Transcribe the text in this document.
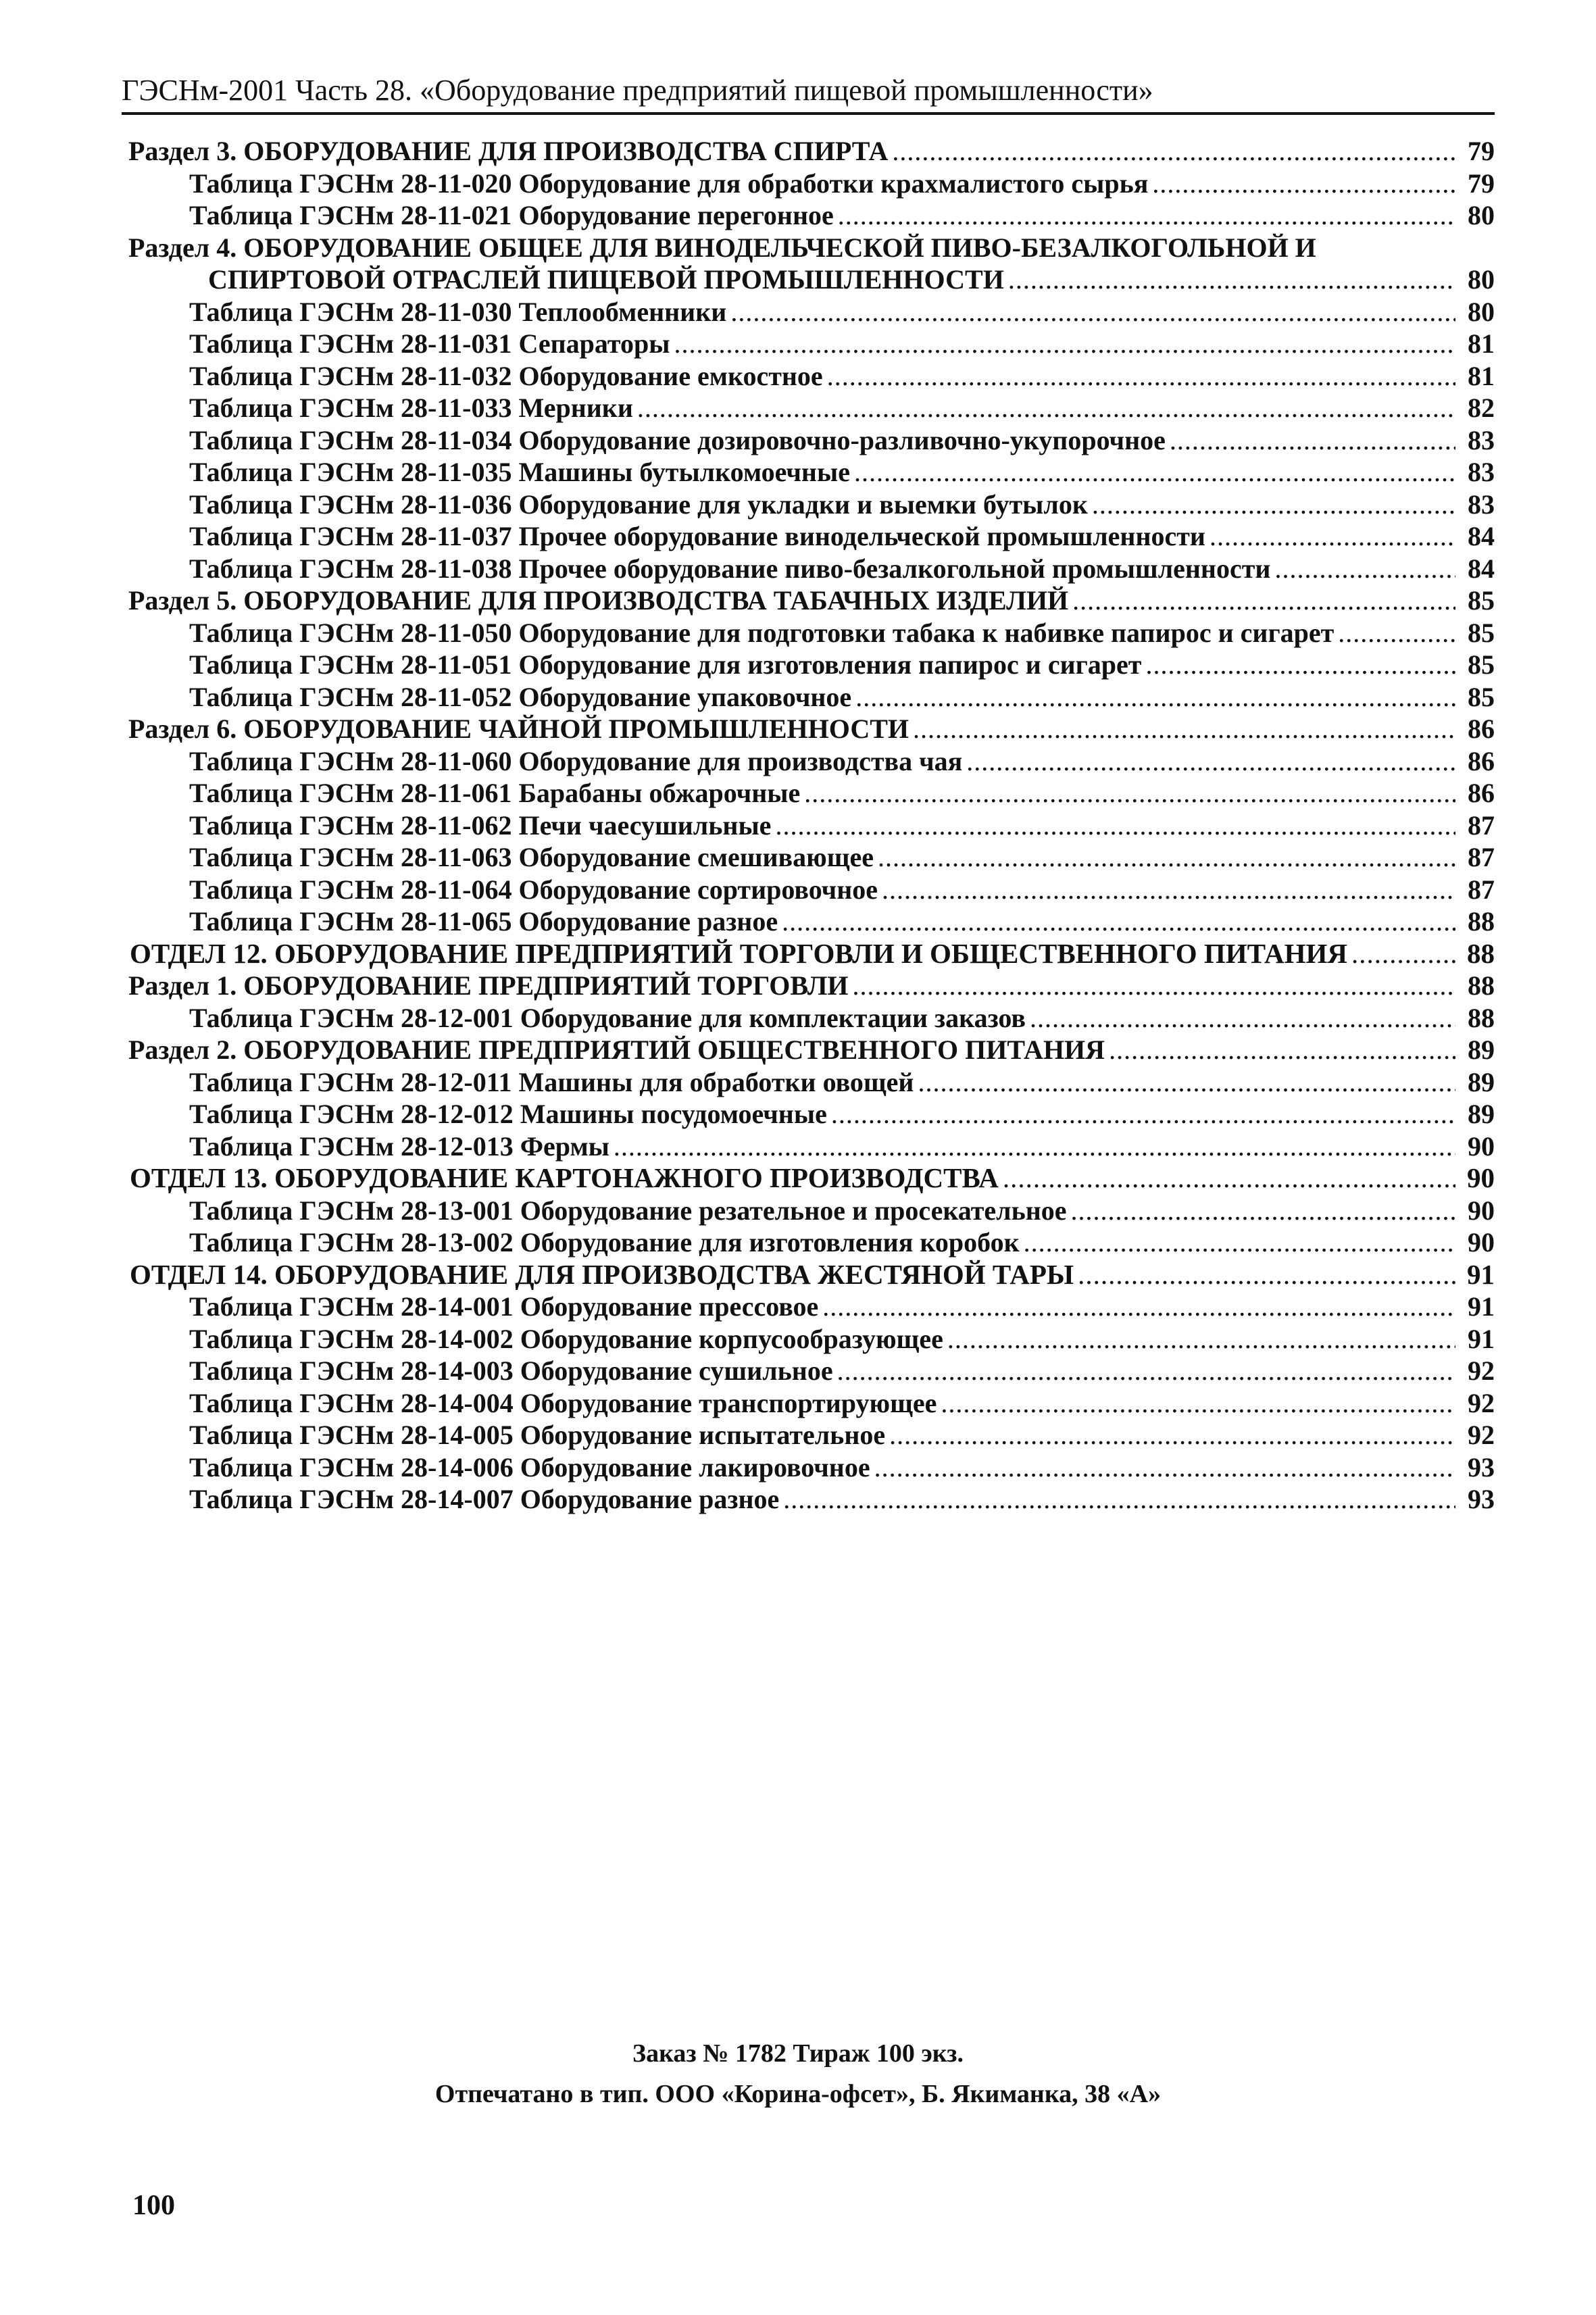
ГЭСНм-2001 Часть 28. «Оборудование предприятий пищевой промышленности»
Раздел 3. ОБОРУДОВАНИЕ ДЛЯ ПРОИЗВОДСТВА СПИРТА .....	79
Таблица ГЭСНм 28-11-020 Оборудование для обработки крахмалистого сырья .....	79
Таблица ГЭСНм 28-11-021 Оборудование перегонное .....	80
Раздел 4. ОБОРУДОВАНИЕ ОБЩЕЕ ДЛЯ ВИНОДЕЛЬЧЕСКОЙ ПИВО-БЕЗАЛКОГОЛЬНОЙ И
СПИРТОВОЙ ОТРАСЛЕЙ ПИЩЕВОЙ ПРОМЫШЛЕННОСТИ .....	80
Таблица ГЭСНм 28-11-030 Теплообменники .....	80
Таблица ГЭСНм 28-11-031 Сепараторы .....	81
Таблица ГЭСНм 28-11-032 Оборудование емкостное .....	81
Таблица ГЭСНм 28-11-033 Мерники .....	82
Таблица ГЭСНм 28-11-034 Оборудование дозировочно-разливочно-укупорочное .....	83
Таблица ГЭСНм 28-11-035 Машины бутылкомоечные .....	83
Таблица ГЭСНм 28-11-036 Оборудование для укладки и выемки бутылок .....	83
Таблица ГЭСНм 28-11-037 Прочее оборудование винодельческой промышленности .....	84
Таблица ГЭСНм 28-11-038 Прочее оборудование пиво-безалкогольной промышленности .....	84
Раздел 5. ОБОРУДОВАНИЕ ДЛЯ ПРОИЗВОДСТВА ТАБАЧНЫХ ИЗДЕЛИЙ .....	85
Таблица ГЭСНм 28-11-050 Оборудование для подготовки табака к набивке папирос и сигарет .....	85
Таблица ГЭСНм 28-11-051 Оборудование для изготовления папирос и сигарет .....	85
Таблица ГЭСНм 28-11-052 Оборудование упаковочное .....	85
Раздел 6. ОБОРУДОВАНИЕ ЧАЙНОЙ ПРОМЫШЛЕННОСТИ .....	86
Таблица ГЭСНм 28-11-060 Оборудование для производства чая .....	86
Таблица ГЭСНм 28-11-061 Барабаны обжарочные .....	86
Таблица ГЭСНм 28-11-062 Печи чаесушильные .....	87
Таблица ГЭСНм 28-11-063 Оборудование смешивающее .....	87
Таблица ГЭСНм 28-11-064 Оборудование сортировочное .....	87
Таблица ГЭСНм 28-11-065 Оборудование разное .....	88
ОТДЕЛ 12. ОБОРУДОВАНИЕ ПРЕДПРИЯТИЙ ТОРГОВЛИ И ОБЩЕСТВЕННОГО ПИТАНИЯ .....	88
Раздел 1. ОБОРУДОВАНИЕ ПРЕДПРИЯТИЙ ТОРГОВЛИ .....	88
Таблица ГЭСНм 28-12-001 Оборудование для комплектации заказов .....	88
Раздел 2. ОБОРУДОВАНИЕ ПРЕДПРИЯТИЙ ОБЩЕСТВЕННОГО ПИТАНИЯ .....	89
Таблица ГЭСНм 28-12-011 Машины для обработки овощей .....	89
Таблица ГЭСНм 28-12-012 Машины посудомоечные .....	89
Таблица ГЭСНм 28-12-013 Фермы .....	90
ОТДЕЛ 13. ОБОРУДОВАНИЕ КАРТОНАЖНОГО ПРОИЗВОДСТВА .....	90
Таблица ГЭСНм 28-13-001 Оборудование резательное и просекательное .....	90
Таблица ГЭСНм 28-13-002 Оборудование для изготовления коробок .....	90
ОТДЕЛ 14. ОБОРУДОВАНИЕ ДЛЯ ПРОИЗВОДСТВА ЖЕСТЯНОЙ ТАРЫ .....	91
Таблица ГЭСНм 28-14-001 Оборудование прессовое .....	91
Таблица ГЭСНм 28-14-002 Оборудование корпусообразующее .....	91
Таблица ГЭСНм 28-14-003 Оборудование сушильное .....	92
Таблица ГЭСНм 28-14-004 Оборудование транспортирующее .....	92
Таблица ГЭСНм 28-14-005 Оборудование испытательное .....	92
Таблица ГЭСНм 28-14-006 Оборудование лакировочное .....	93
Таблица ГЭСНм 28-14-007 Оборудование разное .....	93
Заказ № 1782 Тираж 100 экз.
Отпечатано в тип. ООО «Корина-офсет», Б. Якиманка, 38 «А»
100
